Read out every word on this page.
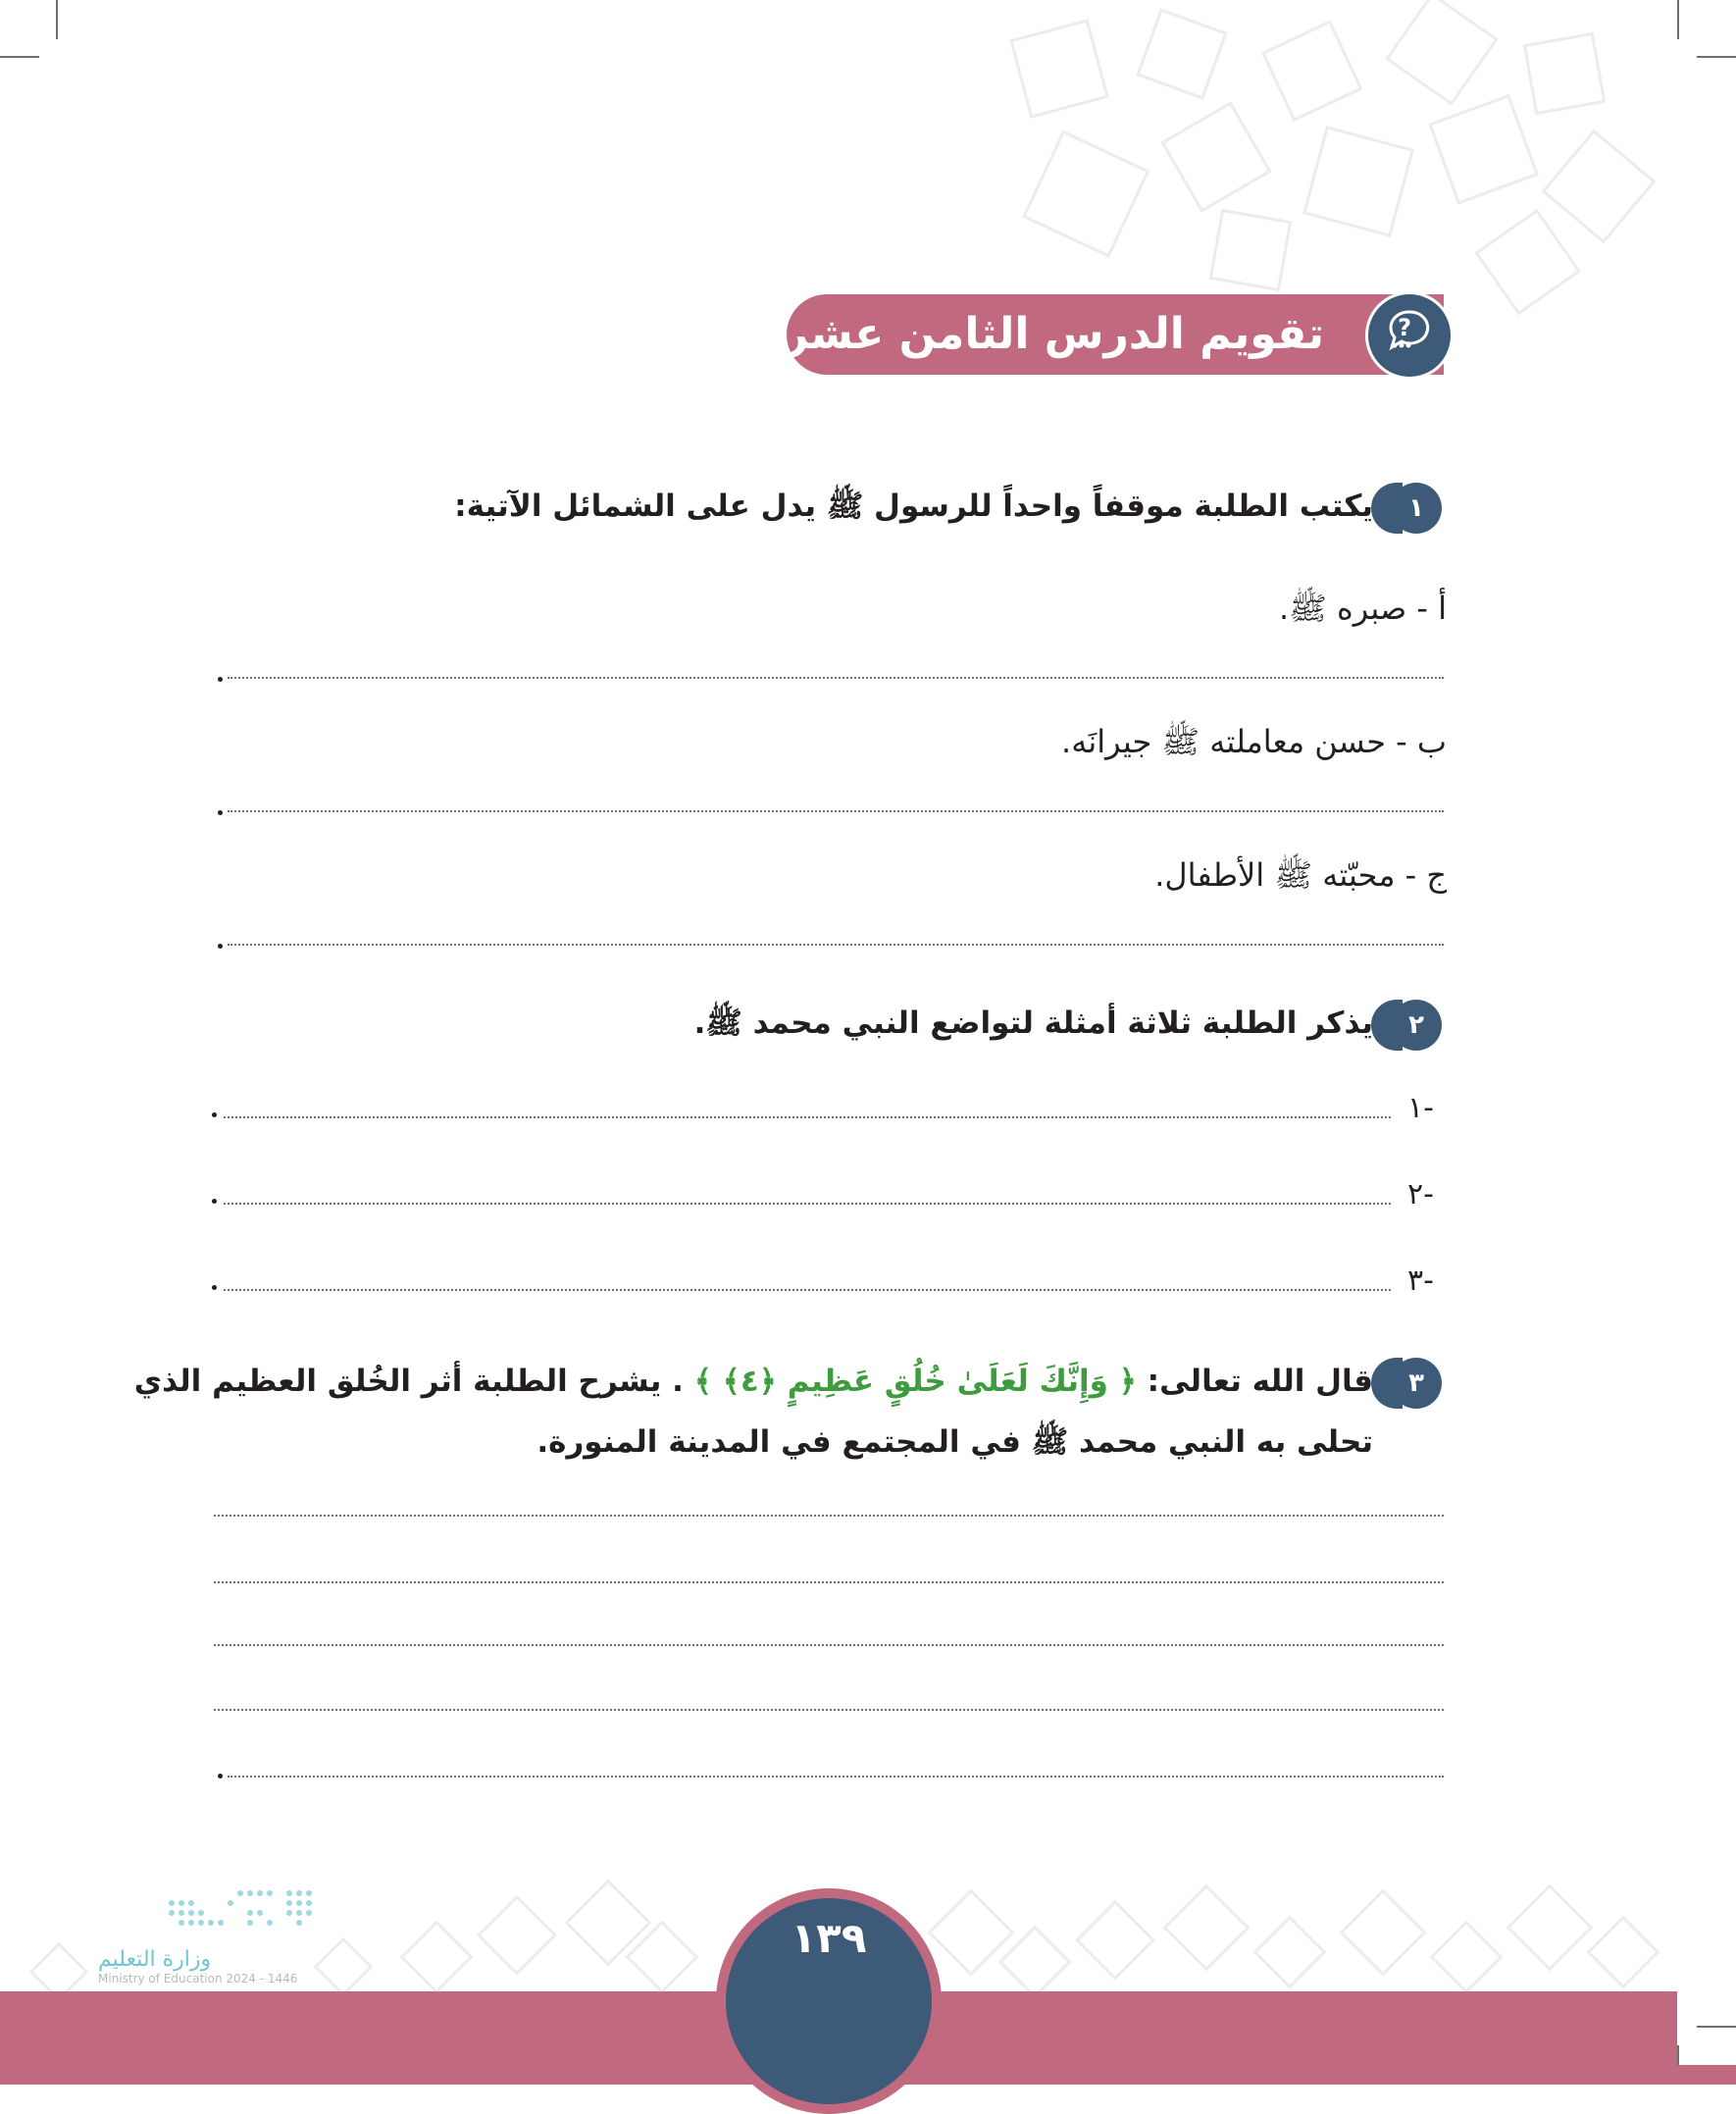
تقويم الدرس الثامن عشر	?
١
يكتب الطلبة موقفاً واحداً للرسول ﷺ يدل على الشمائل الآتية:
أ - صبره ﷺ.
ب - حسن معاملته ﷺ جيرانَه.
ج - محبّته ﷺ الأطفال.
٢
يذكر الطلبة ثلاثة أمثلة لتواضع النبي محمد ﷺ.
-١
-٢
-٣
٣
قال الله تعالى: ﴿ وَإِنَّكَ لَعَلَىٰ خُلُقٍ عَظِيمٍ ﴿٤﴾ ﴾ . يشرح الطلبة أثر الخُلق العظيم الذي
تحلى به النبي محمد ﷺ في المجتمع في المدينة المنورة.
١٣٩
وزارة التعليم
Ministry of Education 2024 - 1446
